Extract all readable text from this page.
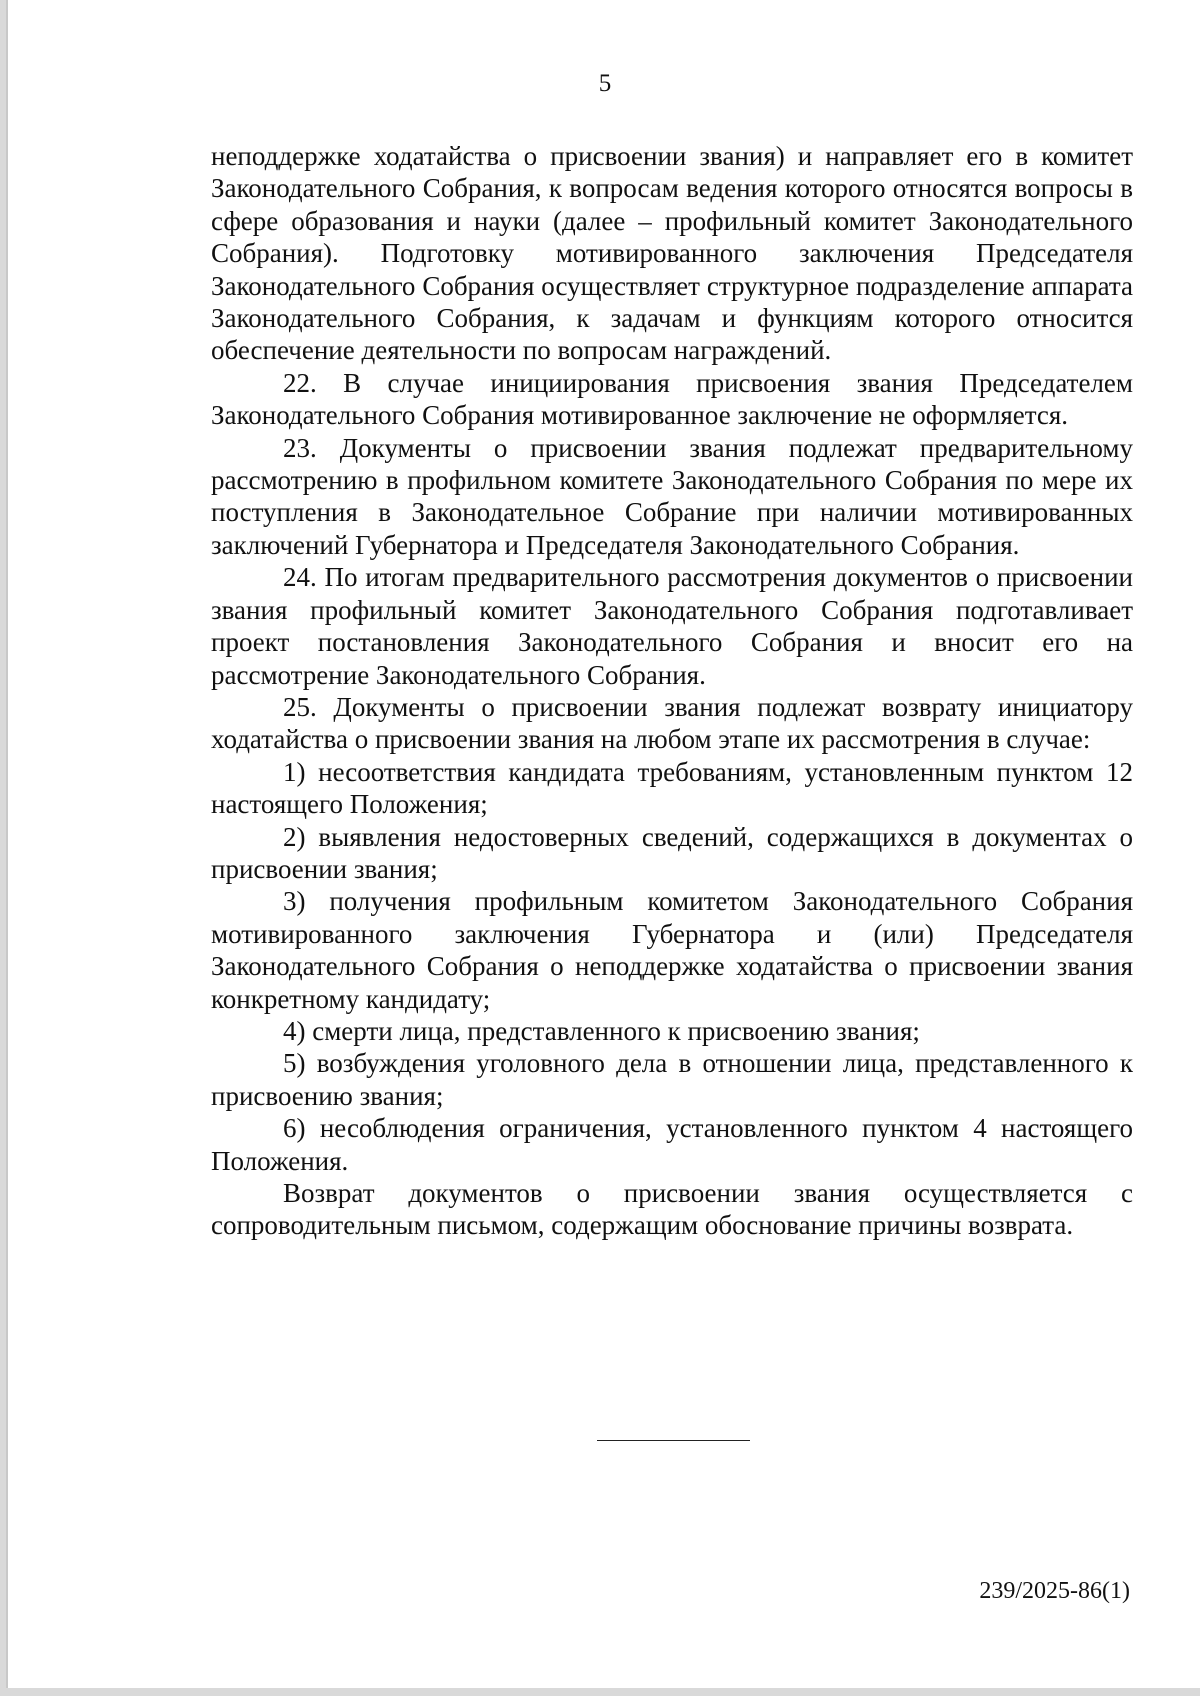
5

неподдержке ходатайства о присвоении звания) и направляет его в комитет Законодательного Собрания, к вопросам ведения которого относятся вопросы в сфере образования и науки (далее – профильный комитет Законодательного Собрания). Подготовку мотивированного заключения Председателя Законодательного Собрания осуществляет структурное подразделение аппарата Законодательного Собрания, к задачам и функциям которого относится обеспечение деятельности по вопросам награждений.

22. В случае инициирования присвоения звания Председателем Законодательного Собрания мотивированное заключение не оформляется.

23. Документы о присвоении звания подлежат предварительному рассмотрению в профильном комитете Законодательного Собрания по мере их поступления в Законодательное Собрание при наличии мотивированных заключений Губернатора и Председателя Законодательного Собрания.

24. По итогам предварительного рассмотрения документов о присвоении звания профильный комитет Законодательного Собрания подготавливает проект постановления Законодательного Собрания и вносит его на рассмотрение Законодательного Собрания.

25. Документы о присвоении звания подлежат возврату инициатору ходатайства о присвоении звания на любом этапе их рассмотрения в случае:

1) несоответствия кандидата требованиям, установленным пунктом 12 настоящего Положения;

2) выявления недостоверных сведений, содержащихся в документах о присвоении звания;

3) получения профильным комитетом Законодательного Собрания мотивированного заключения Губернатора и (или) Председателя Законодательного Собрания о неподдержке ходатайства о присвоении звания конкретному кандидату;

4) смерти лица, представленного к присвоению звания;

5) возбуждения уголовного дела в отношении лица, представленного к присвоению звания;

6) несоблюдения ограничения, установленного пунктом 4 настоящего Положения.

Возврат документов о присвоении звания осуществляется с сопроводительным письмом, содержащим обоснование причины возврата.

239/2025-86(1)
